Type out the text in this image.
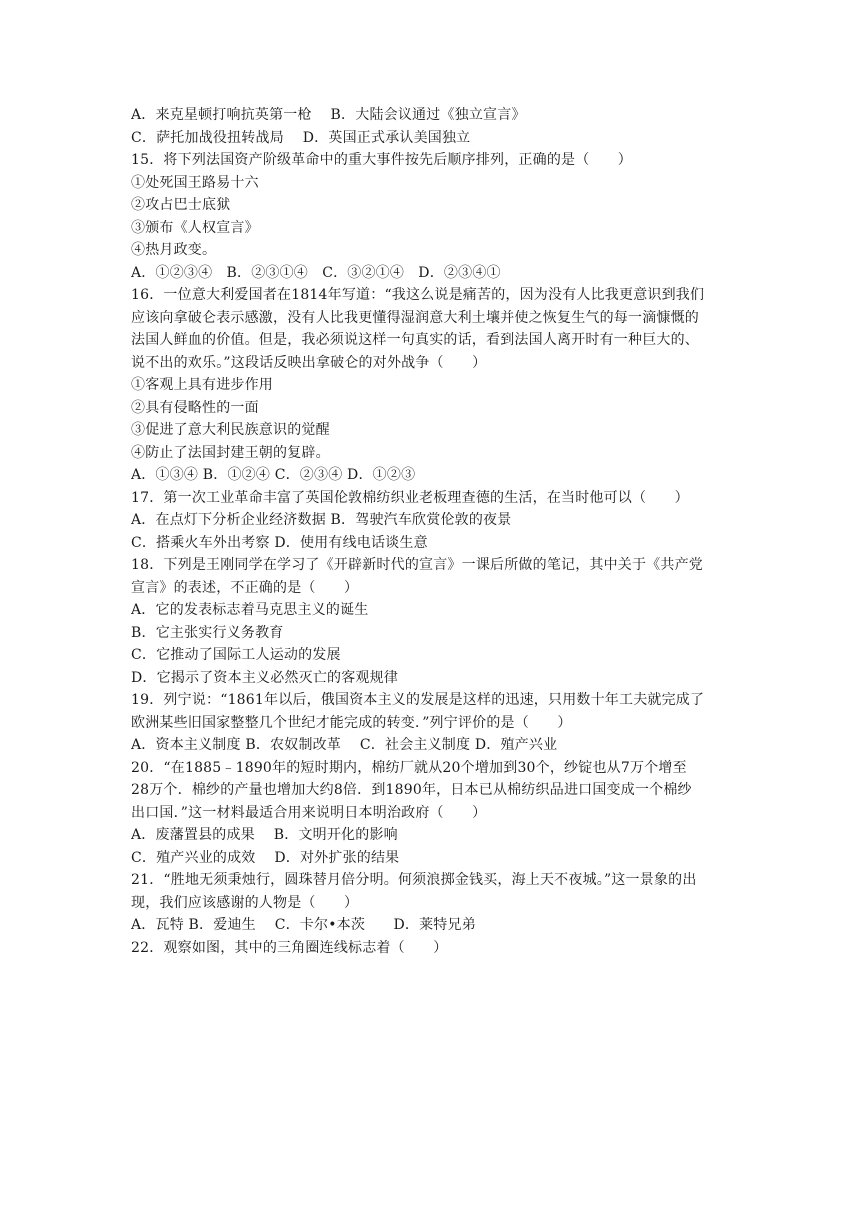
A．来克星顿打响抗英第一枪　 B．大陆会议通过《独立宣言》
C．萨托加战役扭转战局　 D．英国正式承认美国独立
15．将下列法国资产阶级革命中的重大事件按先后顺序排列，正确的是（　　）
①处死国王路易十六
②攻占巴士底狱
③颁布《人权宣言》
④热月政变。
A．①②③④　B．②③①④　C．③②①④　D．②③④①
16．一位意大利爱国者在1814年写道：“我这么说是痛苦的，因为没有人比我更意识到我们
应该向拿破仑表示感激，没有人比我更懂得湿润意大利土壤并使之恢复生气的每一滴慷慨的
法国人鲜血的价值。但是，我必须说这样一句真实的话，看到法国人离开时有一种巨大的、
说不出的欢乐。”这段话反映出拿破仑的对外战争（　　）
①客观上具有进步作用
②具有侵略性的一面
③促进了意大利民族意识的觉醒
④防止了法国封建王朝的复辟。
A．①③④ B．①②④ C．②③④ D．①②③
17．第一次工业革命丰富了英国伦敦棉纺织业老板理查德的生活，在当时他可以（　　）
A．在点灯下分析企业经济数据 B．驾驶汽车欣赏伦敦的夜景
C．搭乘火车外出考察 D．使用有线电话谈生意
18．下列是王刚同学在学习了《开辟新时代的宣言》一课后所做的笔记，其中关于《共产党
宣言》的表述，不正确的是（　　）
A．它的发表标志着马克思主义的诞生
B．它主张实行义务教育
C．它推动了国际工人运动的发展
D．它揭示了资本主义必然灭亡的客观规律
19．列宁说：“1861年以后，俄国资本主义的发展是这样的迅速，只用数十年工夫就完成了
欧洲某些旧国家整整几个世纪才能完成的转变．”列宁评价的是（　　）
A．资本主义制度 B．农奴制改革　 C．社会主义制度 D．殖产兴业
20．“在1885﹣1890年的短时期内，棉纺厂就从20个增加到30个，纱锭也从7万个增至
28万个．棉纱的产量也增加大约8倍．到1890年，日本已从棉纺织品进口国变成一个棉纱
出口国．”这一材料最适合用来说明日本明治政府（　　）
A．废藩置县的成果　 B．文明开化的影响
C．殖产兴业的成效　 D．对外扩张的结果
21．“胜地无须秉烛行，圆珠替月倍分明。何须浪掷金钱买，海上天不夜城。”这一景象的出
现，我们应该感谢的人物是（　　）
A．瓦特 B．爱迪生　 C．卡尔•本茨　　D．莱特兄弟
22．观察如图，其中的三角圈连线标志着（　　）
